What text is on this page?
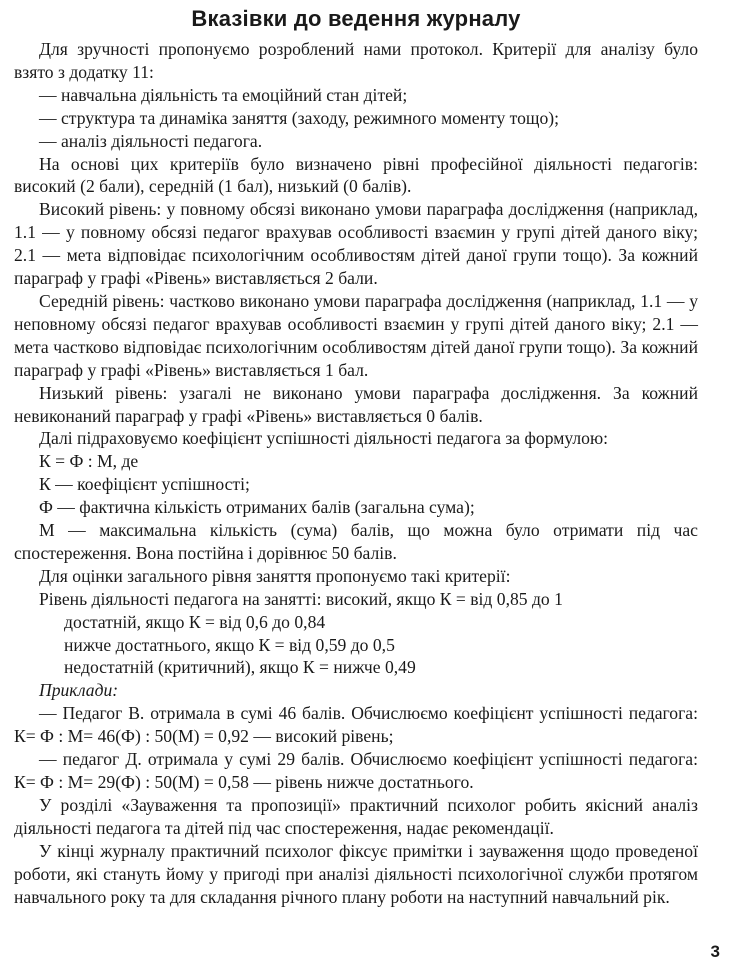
Вказівки до ведення журналу

Для зручності пропонуємо розроблений нами протокол. Критерії для аналізу було взято з додатку 11:

— навчальна діяльність та емоційний стан дітей;

— структура та динаміка заняття (заходу, режимного моменту тощо);

— аналіз діяльності педагога.

На основі цих критеріїв було визначено рівні професійної діяльності педагогів: високий (2 бали), середній (1 бал), низький (0 балів).

Високий рівень: у повному обсязі виконано умови параграфа дослідження (наприклад, 1.1 — у повному обсязі педагог врахував особливості взаємин у групі дітей даного віку; 2.1 — мета відповідає психологічним особливостям дітей даної групи тощо). За кожний параграф у графі «Рівень» виставляється 2 бали.

Середній рівень: частково виконано умови параграфа дослідження (наприклад, 1.1 — у неповному обсязі педагог врахував особливості взаємин у групі дітей даного віку; 2.1 — мета частково відповідає психологічним особливостям дітей даної групи тощо). За кожний параграф у графі «Рівень» виставляється 1 бал.

Низький рівень: узагалі не виконано умови параграфа дослідження. За кожний невиконаний параграф у графі «Рівень» виставляється 0 балів.

Далі підраховуємо коефіцієнт успішності діяльності педагога за формулою:

К = Ф : М, де

К — коефіцієнт успішності;

Ф — фактична кількість отриманих балів (загальна сума);

М — максимальна кількість (сума) балів, що можна було отримати під час спостереження. Вона постійна і дорівнює 50 балів.

Для оцінки загального рівня заняття пропонуємо такі критерії:

Рівень діяльності педагога на занятті: високий, якщо К = від 0,85 до 1

достатній, якщо К = від 0,6 до 0,84

нижче достатнього, якщо К = від 0,59 до 0,5

недостатній (критичний), якщо К = нижче 0,49

Приклади:

— Педагог В. отримала в сумі 46 балів. Обчислюємо коефіцієнт успішності педагога: К= Ф : М= 46(Ф) : 50(М) = 0,92 — високий рівень;

— педагог Д. отримала у сумі 29 балів. Обчислюємо коефіцієнт успішності педагога: К= Ф : М= 29(Ф) : 50(М) = 0,58 — рівень нижче достатнього.

У розділі «Зауваження та пропозиції» практичний психолог робить якісний аналіз діяльності педагога та дітей під час спостереження, надає рекомендації.

У кінці журналу практичний психолог фіксує примітки і зауваження щодо проведеної роботи, які стануть йому у пригоді при аналізі діяльності психологічної служби протягом навчального року та для складання річного плану роботи на наступний навчальний рік.

3
